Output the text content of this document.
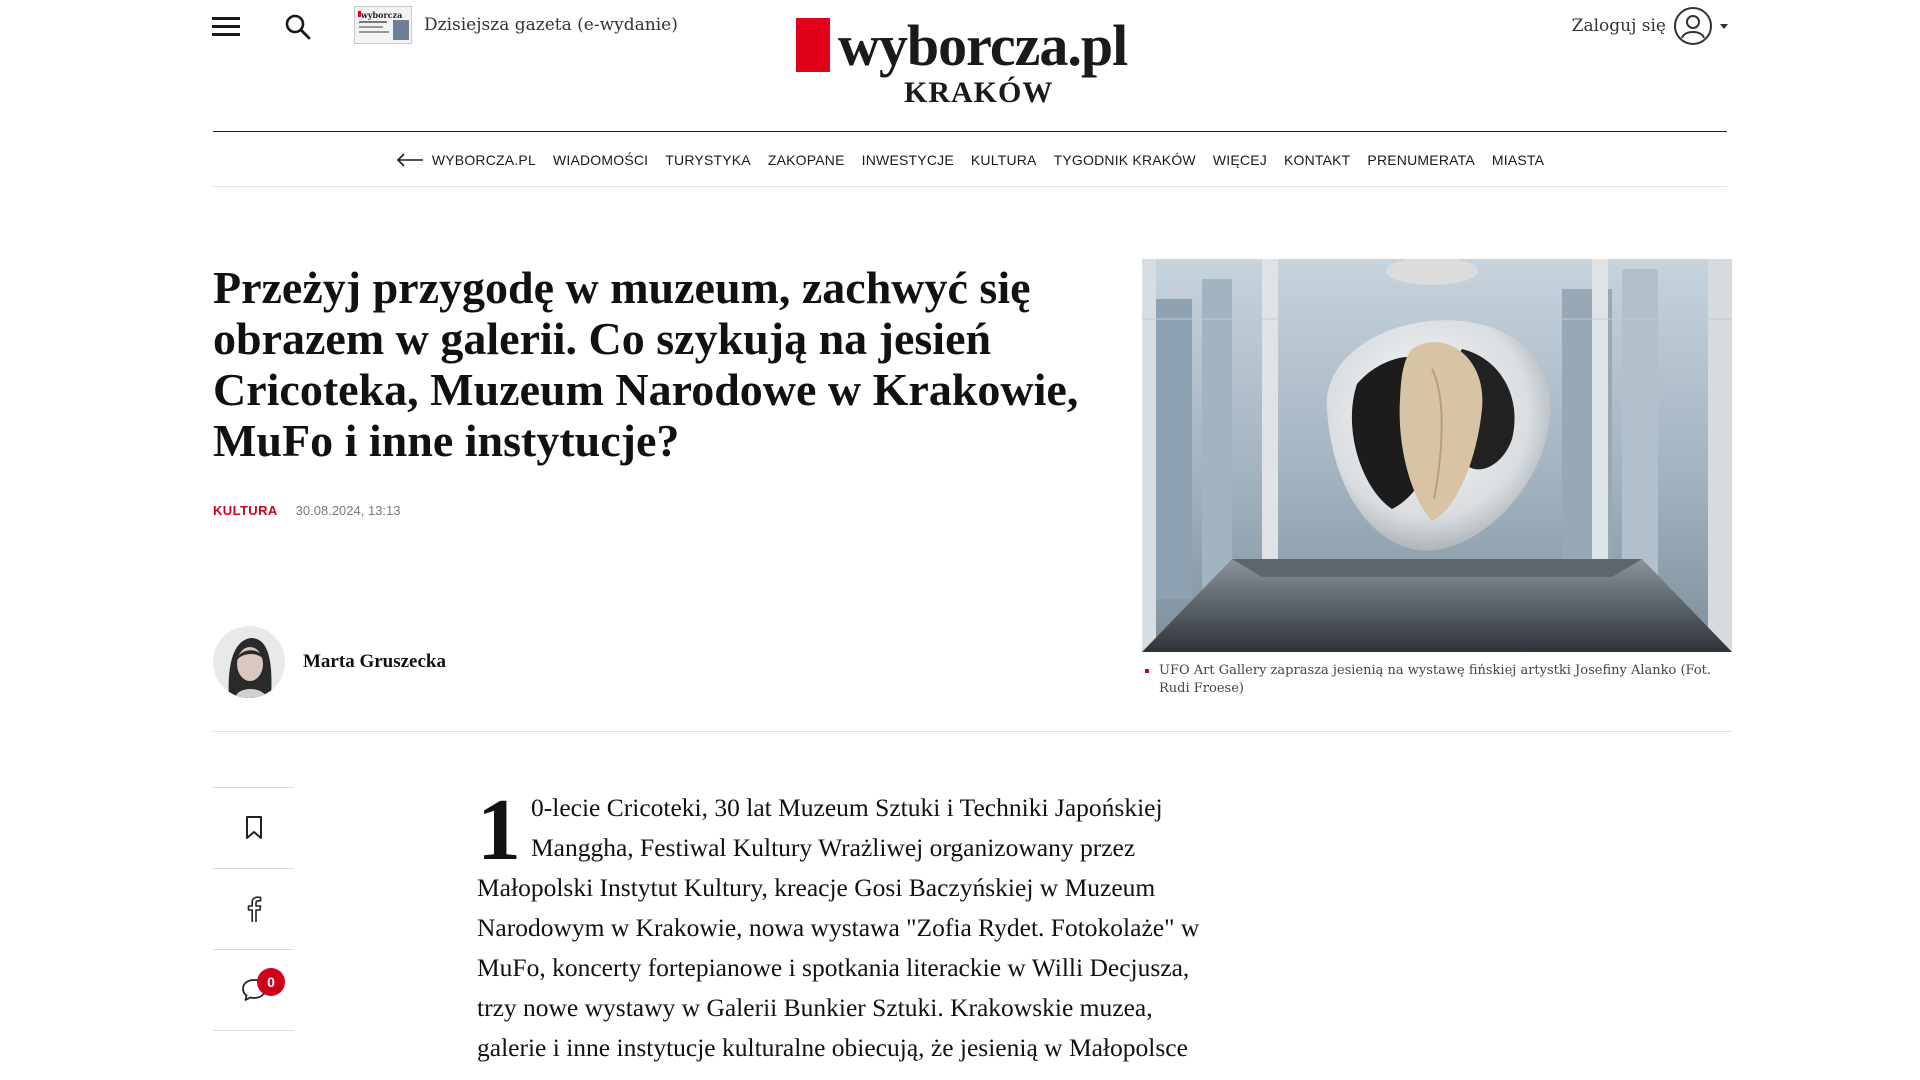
wyborcza Dzisiejsza gazeta (e-wydanie)	wyborcza.pl
KRAKÓW
Zaloguj się
WYBORCZA.PL WIADOMOŚCI TURYSTYKA ZAKOPANE INWESTYCJE KULTURA TYGODNIK KRAKÓW WIĘCEJ KONTAKT PRENUMERATA MIASTA
Przeżyj przygodę w muzeum, zachwyć się obrazem w galerii. Co szykują na jesień Cricoteka, Muzeum Narodowe w Krakowie, MuFo i inne instytucje?
KULTURA 30.08.2024, 13:13
Marta Gruszecka	UFO Art Gallery zaprasza jesienią na wystawę fińskiej artystki Josefiny Alanko (Fot. Rudi Froese)
0
1 0-lecie Cricoteki, 30 lat Muzeum Sztuki i Techniki Japońskiej Manggha, Festiwal Kultury Wrażliwej organizowany przez Małopolski Instytut Kultury, kreacje Gosi Baczyńskiej w Muzeum Narodowym w Krakowie, nowa wystawa "Zofia Rydet. Fotokolaże" w MuFo, koncerty fortepianowe i spotkania literackie w Willi Decjusza, trzy nowe wystawy w Galerii Bunkier Sztuki. Krakowskie muzea, galerie i inne instytucje kulturalne obiecują, że jesienią w Małopolsce
